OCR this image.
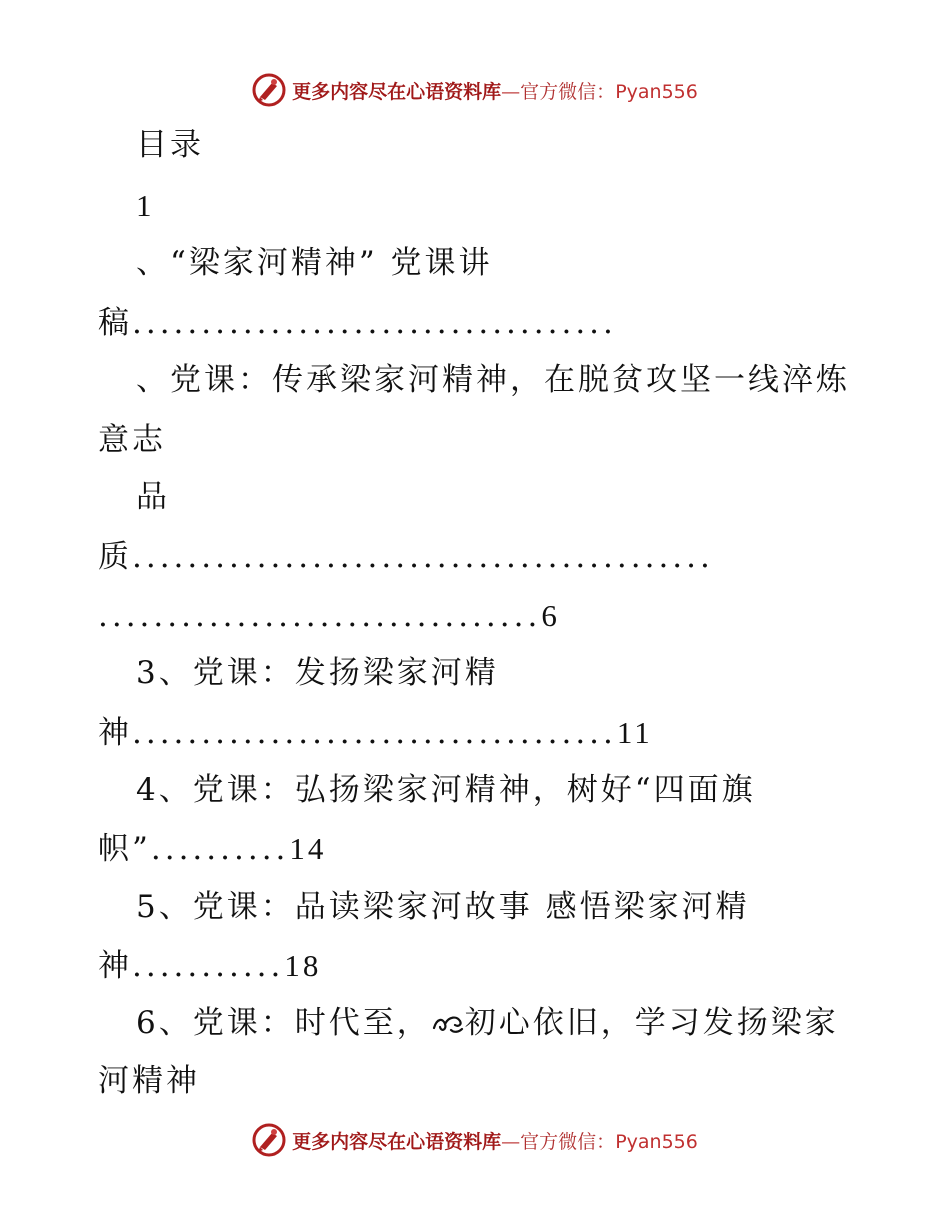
更多内容尽在心语资料库—官方微信：Pyan556
目录
1
、“梁家河精神” 党课讲
稿...................................
、党课：传承梁家河精神，在脱贫攻坚一线淬炼
意志
品
质..........................................
................................6
3、党课：发扬梁家河精
神...................................11
4、党课：弘扬梁家河精神，树好“四面旗
帜”..........14
5、党课：品读梁家河故事 感悟梁家河精
神...........18
6、党课：时代至， 初心依旧，学习发扬梁家
河精神
更多内容尽在心语资料库—官方微信：Pyan556
